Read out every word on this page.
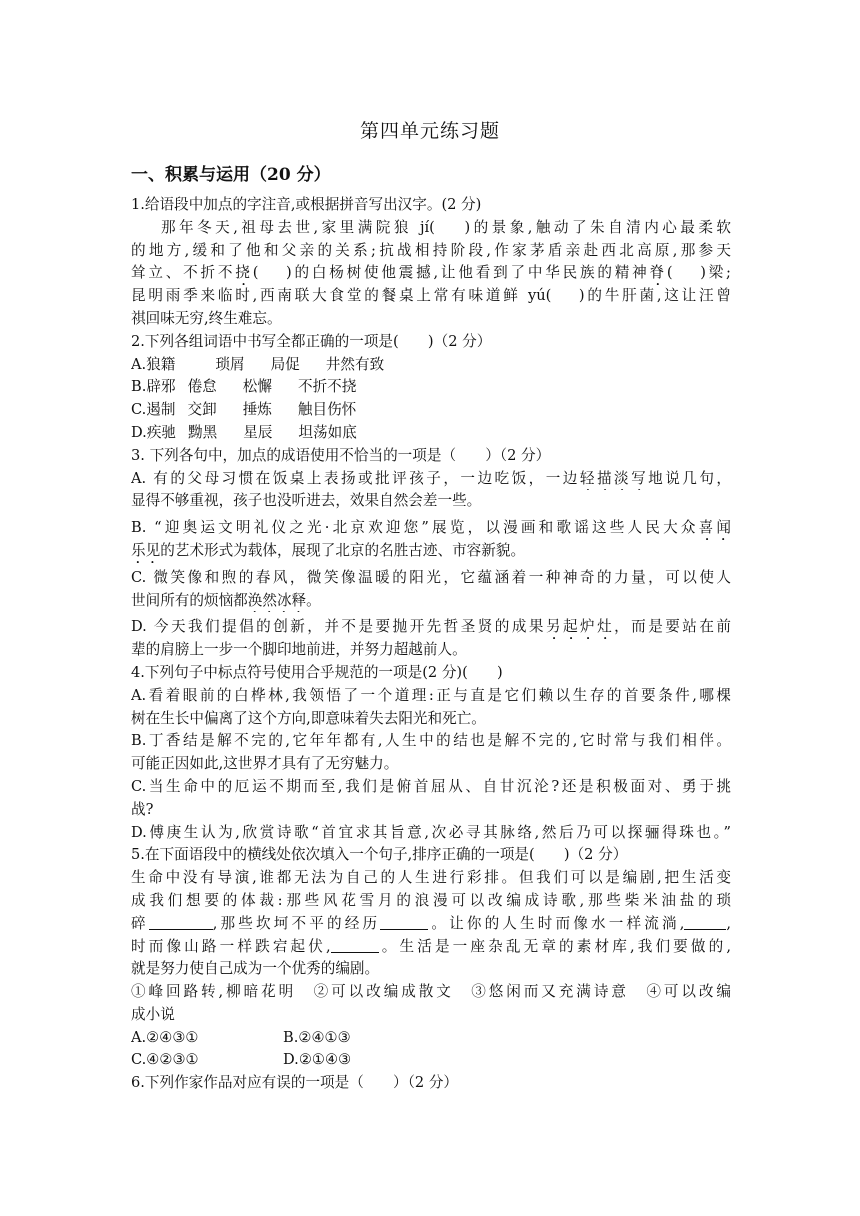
第四单元练习题
一、积累与运用（20 分）
1.给语段中加点的字注音,或根据拼音写出汉字。(2 分)
那年冬天,祖母去世,家里满院狼 jí(　 )的景象,触动了朱自清内心最柔软
的地方,缓和了他和父亲的关系;抗战相持阶段,作家茅盾亲赴西北高原,那参天
耸立、不折不挠(　 )的白杨树使他震撼,让他看到了中华民族的精神脊(　 )梁;
昆明雨季来临时,西南联大食堂的餐桌上常有味道鲜 yú(　 )的牛肝菌,这让汪曾
祺回味无穷,终生难忘。
2.下列各组词语中书写全都正确的一项是(　　)（2 分）
A.狼籍	琐屑 局促 井然有致
B.辟邪 倦怠 松懈 不折不挠
C.遏制 交卸 捶炼 触目伤怀
D.疾驰 黝黑 星辰 坦荡如底
3. 下列各句中，加点的成语使用不恰当的一项是（　　）（2 分）
A. 有的父母习惯在饭桌上表扬或批评孩子，一边吃饭，一边轻描淡写地说几句，
显得不够重视，孩子也没听进去，效果自然会差一些。
B. “迎奥运文明礼仪之光·北京欢迎您”展览，以漫画和歌谣这些人民大众喜闻
乐见的艺术形式为载体，展现了北京的名胜古迹、市容新貌。
C. 微笑像和煦的春风，微笑像温暖的阳光，它蕴涵着一种神奇的力量，可以使人
世间所有的烦恼都涣然冰释。
D. 今天我们提倡的创新，并不是要抛开先哲圣贤的成果另起炉灶，而是要站在前
辈的肩膀上一步一个脚印地前进，并努力超越前人。
4.下列句子中标点符号使用合乎规范的一项是(2 分)(　　)
A.看着眼前的白桦林,我领悟了一个道理:正与直是它们赖以生存的首要条件,哪棵
树在生长中偏离了这个方向,即意味着失去阳光和死亡。
B.丁香结是解不完的,它年年都有,人生中的结也是解不完的,它时常与我们相伴。
可能正因如此,这世界才具有了无穷魅力。
C.当生命中的厄运不期而至,我们是俯首屈从、自甘沉沦?还是积极面对、勇于挑
战?
D.傅庚生认为,欣赏诗歌“首宜求其旨意,次必寻其脉络,然后乃可以探骊得珠也。”
5.在下面语段中的横线处依次填入一个句子,排序正确的一项是(　　)（2 分）
生命中没有导演,谁都无法为自己的人生进行彩排。但我们可以是编剧,把生活变
成我们想要的体裁:那些风花雪月的浪漫可以改编成诗歌,那些柴米油盐的琐
碎	,那些坎坷不平的经历	。让你的人生时而像水一样流淌,	,
时而像山路一样跌宕起伏,	。生活是一座杂乱无章的素材库,我们要做的,
就是努力使自己成为一个优秀的编剧。
①峰回路转,柳暗花明　②可以改编成散文　③悠闲而又充满诗意　④可以改编
成小说
A.②④③①	B.②④①③
C.④②③①	D.②①④③
6.下列作家作品对应有误的一项是（　　）（2 分）
